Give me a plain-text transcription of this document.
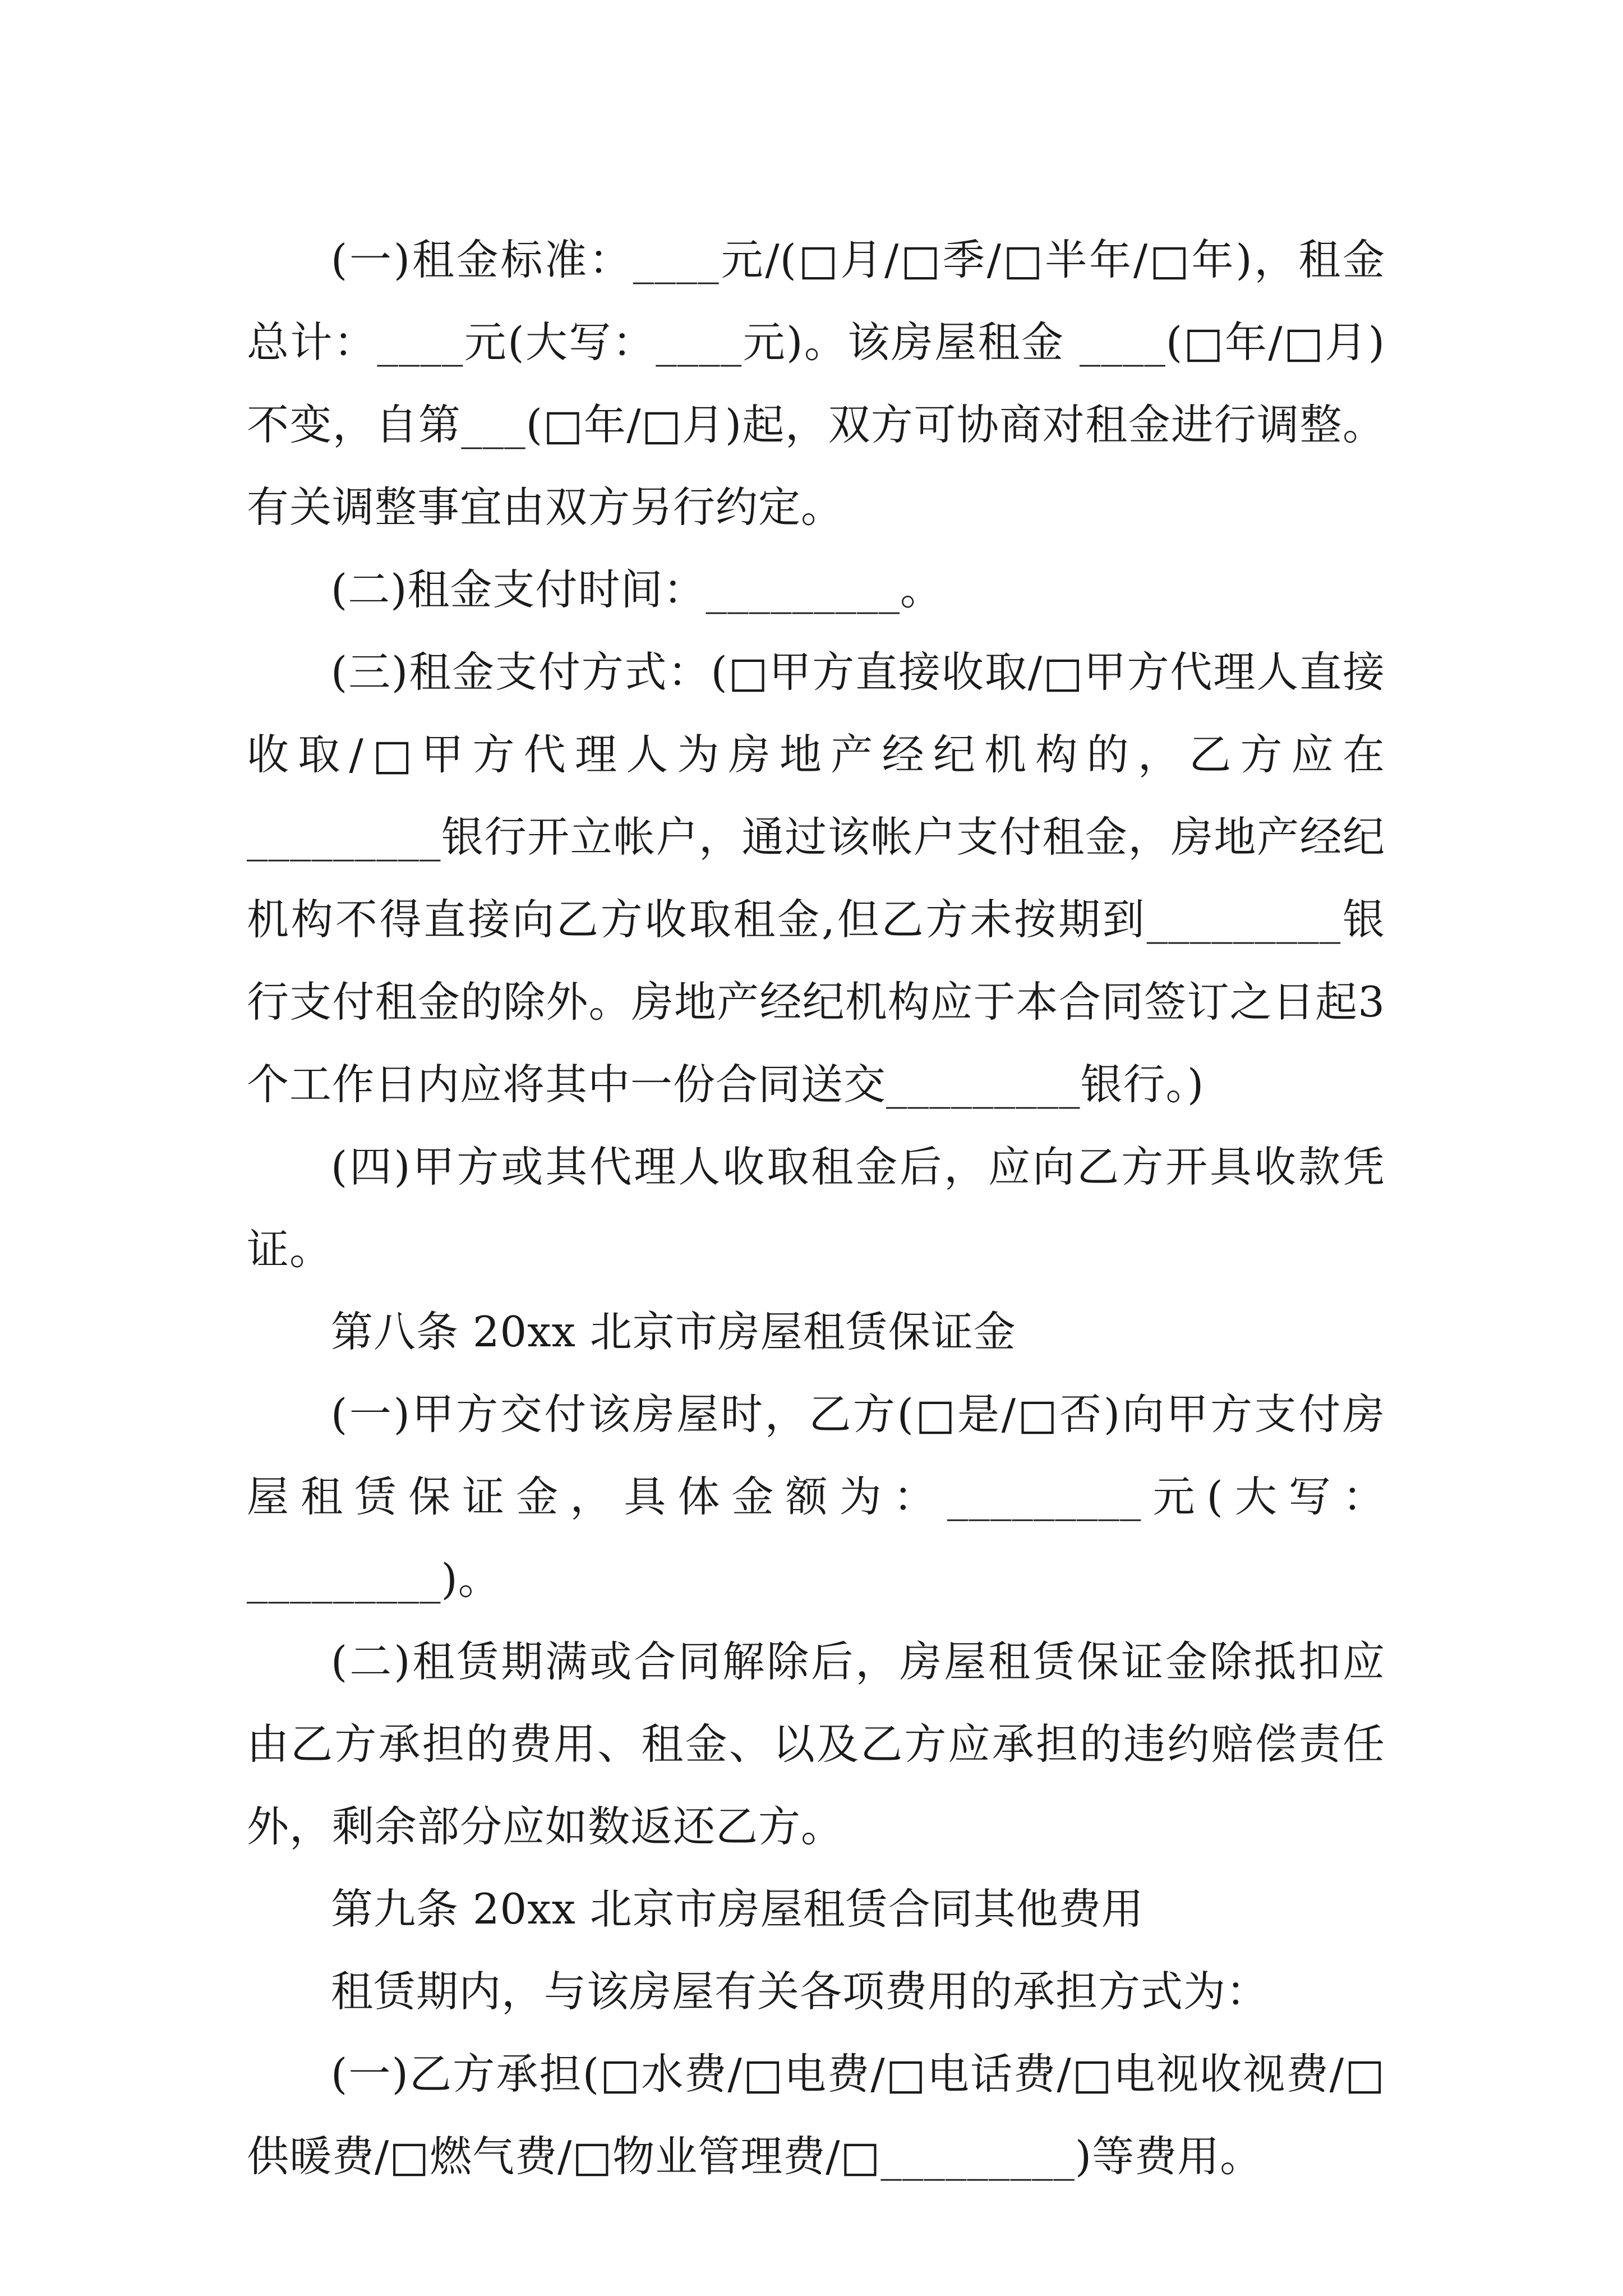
(一)租金标准：____元/(□月/□季/□半年/□年)，租金总计：____元(大写：____元)。该房屋租金 ____(□年/□月)不变，自第___(□年/□月)起，双方可协商对租金进行调整。有关调整事宜由双方另行约定。

(二)租金支付时间：_________。

(三)租金支付方式：(□甲方直接收取/□甲方代理人直接收取/□甲方代理人为房地产经纪机构的，乙方应在_________银行开立帐户，通过该帐户支付租金，房地产经纪机构不得直接向乙方收取租金,但乙方未按期到_________银行支付租金的除外。房地产经纪机构应于本合同签订之日起3个工作日内应将其中一份合同送交_________银行。)

(四)甲方或其代理人收取租金后，应向乙方开具收款凭证。

第八条 20xx 北京市房屋租赁保证金

(一)甲方交付该房屋时，乙方(□是/□否)向甲方支付房屋租赁保证金，具体金额为：_________元(大写：_________)。

(二)租赁期满或合同解除后，房屋租赁保证金除抵扣应由乙方承担的费用、租金、以及乙方应承担的违约赔偿责任外，剩余部分应如数返还乙方。

第九条 20xx 北京市房屋租赁合同其他费用

租赁期内，与该房屋有关各项费用的承担方式为：

(一)乙方承担(□水费/□电费/□电话费/□电视收视费/□供暖费/□燃气费/□物业管理费/□_________)等费用。
